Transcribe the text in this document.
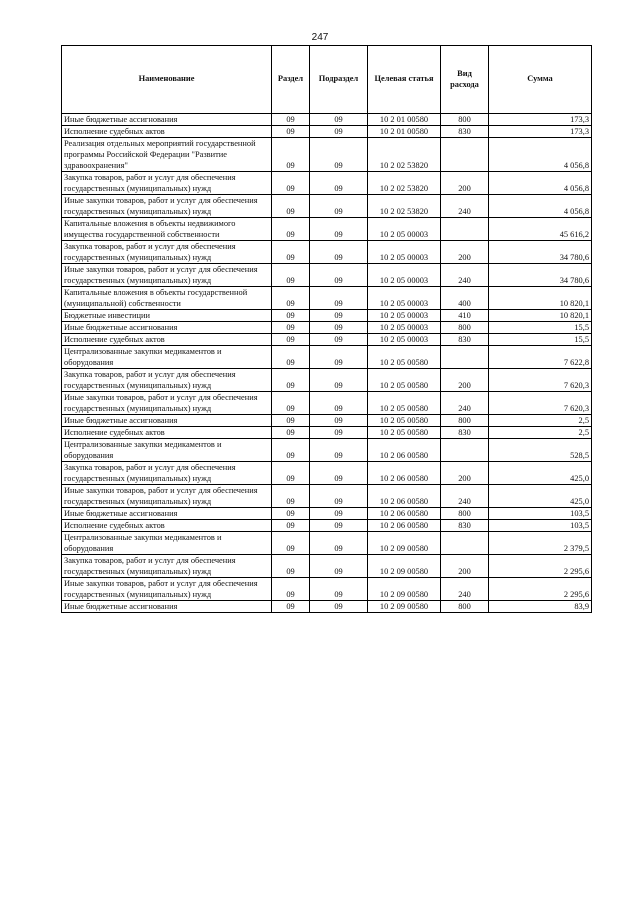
247
Наименование	Раздел	Подраздел	Целевая статья	Вид расхода	Сумма
Иные бюджетные ассигнования	09	09	10 2 01 00580	800	173,3
Исполнение судебных актов	09	09	10 2 01 00580	830	173,3
Реализация отдельных мероприятий государственной программы Российской Федерации "Развитие здравоохранения"	09	09	10 2 02 53820		4 056,8
Закупка товаров, работ и услуг для обеспечения государственных (муниципальных) нужд	09	09	10 2 02 53820	200	4 056,8
Иные закупки товаров, работ и услуг для обеспечения государственных (муниципальных) нужд	09	09	10 2 02 53820	240	4 056,8
Капитальные вложения в объекты недвижимого имущества государственной собственности	09	09	10 2 05 00003		45 616,2
Закупка товаров, работ и услуг для обеспечения государственных (муниципальных) нужд	09	09	10 2 05 00003	200	34 780,6
Иные закупки товаров, работ и услуг для обеспечения государственных (муниципальных) нужд	09	09	10 2 05 00003	240	34 780,6
Капитальные вложения в объекты государственной (муниципальной) собственности	09	09	10 2 05 00003	400	10 820,1
Бюджетные инвестиции	09	09	10 2 05 00003	410	10 820,1
Иные бюджетные ассигнования	09	09	10 2 05 00003	800	15,5
Исполнение судебных актов	09	09	10 2 05 00003	830	15,5
Централизованные закупки медикаментов и оборудования	09	09	10 2 05 00580		7 622,8
Закупка товаров, работ и услуг для обеспечения государственных (муниципальных) нужд	09	09	10 2 05 00580	200	7 620,3
Иные закупки товаров, работ и услуг для обеспечения государственных (муниципальных) нужд	09	09	10 2 05 00580	240	7 620,3
Иные бюджетные ассигнования	09	09	10 2 05 00580	800	2,5
Исполнение судебных актов	09	09	10 2 05 00580	830	2,5
Централизованные закупки медикаментов и оборудования	09	09	10 2 06 00580		528,5
Закупка товаров, работ и услуг для обеспечения государственных (муниципальных) нужд	09	09	10 2 06 00580	200	425,0
Иные закупки товаров, работ и услуг для обеспечения государственных (муниципальных) нужд	09	09	10 2 06 00580	240	425,0
Иные бюджетные ассигнования	09	09	10 2 06 00580	800	103,5
Исполнение судебных актов	09	09	10 2 06 00580	830	103,5
Централизованные закупки медикаментов и оборудования	09	09	10 2 09 00580		2 379,5
Закупка товаров, работ и услуг для обеспечения государственных (муниципальных) нужд	09	09	10 2 09 00580	200	2 295,6
Иные закупки товаров, работ и услуг для обеспечения государственных (муниципальных) нужд	09	09	10 2 09 00580	240	2 295,6
Иные бюджетные ассигнования	09	09	10 2 09 00580	800	83,9
